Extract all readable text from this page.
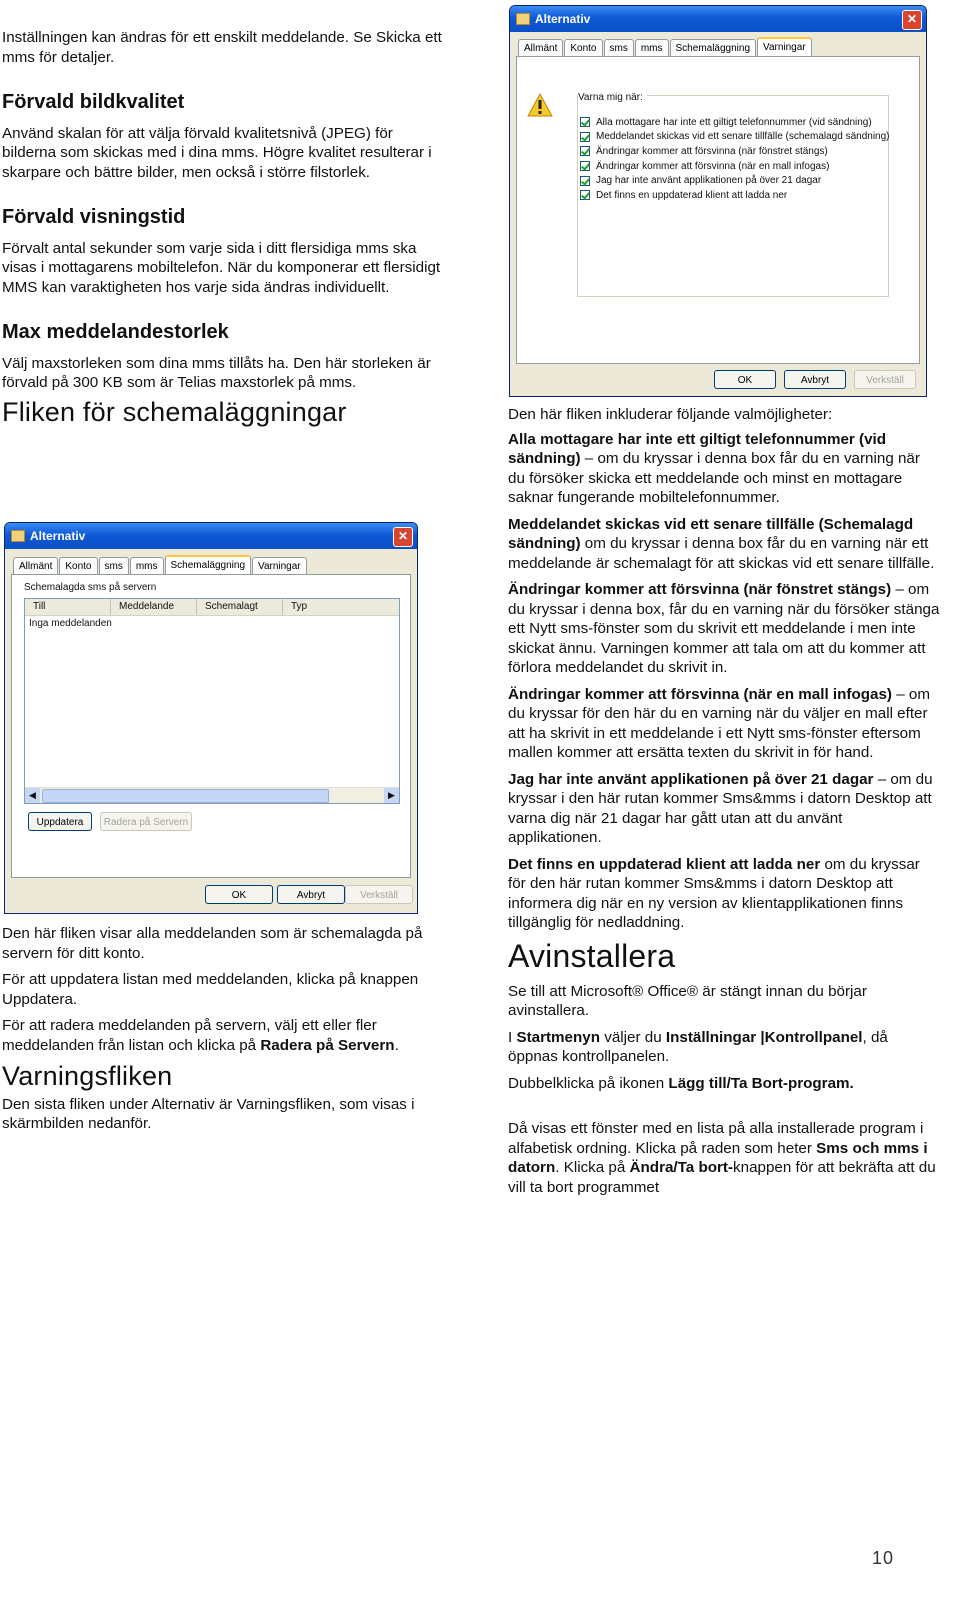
Inställningen kan ändras för ett enskilt meddelande. Se Skicka ett mms för detaljer.

Förvald bildkvalitet

Använd skalan för att välja förvald kvalitetsnivå (JPEG) för bilderna som skickas med i dina mms. Högre kvalitet resulterar i skarpare och bättre bilder, men också i större filstorlek.

Förvald visningstid

Förvalt antal sekunder som varje sida i ditt flersidiga mms ska visas i mottagarens mobiltelefon. När du komponerar ett flersidigt MMS kan varaktigheten hos varje sida ändras individuellt.

Max meddelandestorlek

Välj maxstorleken som dina mms tillåts ha. Den här storleken är förvald på 300 KB som är Telias maxstorlek på mms.

Fliken för schemaläggningar
Alternativ	✕
Allmänt	Konto	sms	mms	Schemaläggning	Varningar
Schemalagda sms på servern
Till	Meddelande	Schemalagt	Typ
Inga meddelanden
◀	▶
Uppdatera	Radera på Servern
OK	Avbryt	Verkställ

Den här fliken visar alla meddelanden som är schemalagda på servern för ditt konto.

För att uppdatera listan med meddelanden, klicka på knappen Uppdatera.

För att radera meddelanden på servern, välj ett eller fler meddelanden från listan och klicka på Radera på Servern.

Varningsfliken

Den sista fliken under Alternativ är Varningsfliken, som visas i skärmbilden nedanför.

Alternativ	✕
Allmänt	Konto	sms	mms	Schemaläggning	Varningar
Varna mig när:
Alla mottagare har inte ett giltigt telefonnummer (vid sändning)
Meddelandet skickas vid ett senare tillfälle (schemalagd sändning)
Ändringar kommer att försvinna (när fönstret stängs)
Ändringar kommer att försvinna (när en mall infogas)
Jag har inte använt applikationen på över 21 dagar
Det finns en uppdaterad klient att ladda ner
OK	Avbryt	Verkställ

Den här fliken inkluderar följande valmöjligheter:

Alla mottagare har inte ett giltigt telefonnummer (vid sändning) – om du kryssar i denna box får du en varning när du försöker skicka ett meddelande och minst en mottagare saknar fungerande mobiltelefonnummer.

Meddelandet skickas vid ett senare tillfälle (Schemalagd sändning) om du kryssar i denna box får du en varning när ett meddelande är schemalagt för att skickas vid ett senare tillfälle.

Ändringar kommer att försvinna (när fönstret stängs) – om du kryssar i denna box, får du en varning när du försöker stänga ett Nytt sms-fönster som du skrivit ett meddelande i men inte skickat ännu. Varningen kommer att tala om att du kommer att förlora meddelandet du skrivit in.

Ändringar kommer att försvinna (när en mall infogas) – om du kryssar för den här du en varning när du väljer en mall efter att ha skrivit in ett meddelande i ett Nytt sms-fönster eftersom mallen kommer att ersätta texten du skrivit in för hand.

Jag har inte använt applikationen på över 21 dagar – om du kryssar i den här rutan kommer Sms&mms i datorn Desktop att varna dig när 21 dagar har gått utan att du använt applikationen.

Det finns en uppdaterad klient att ladda ner om du kryssar för den här rutan kommer Sms&mms i datorn Desktop att informera dig när en ny version av klientapplikationen finns tillgänglig för nedladdning.

Avinstallera

Se till att Microsoft® Office® är stängt innan du börjar avinstallera.

I Startmenyn väljer du Inställningar |Kontrollpanel, då öppnas kontrollpanelen.

Dubbelklicka på ikonen Lägg till/Ta Bort-program.

Då visas ett fönster med en lista på alla installerade program i alfabetisk ordning. Klicka på raden som heter Sms och mms i datorn. Klicka på Ändra/Ta bort-knappen för att bekräfta att du vill ta bort programmet

10
